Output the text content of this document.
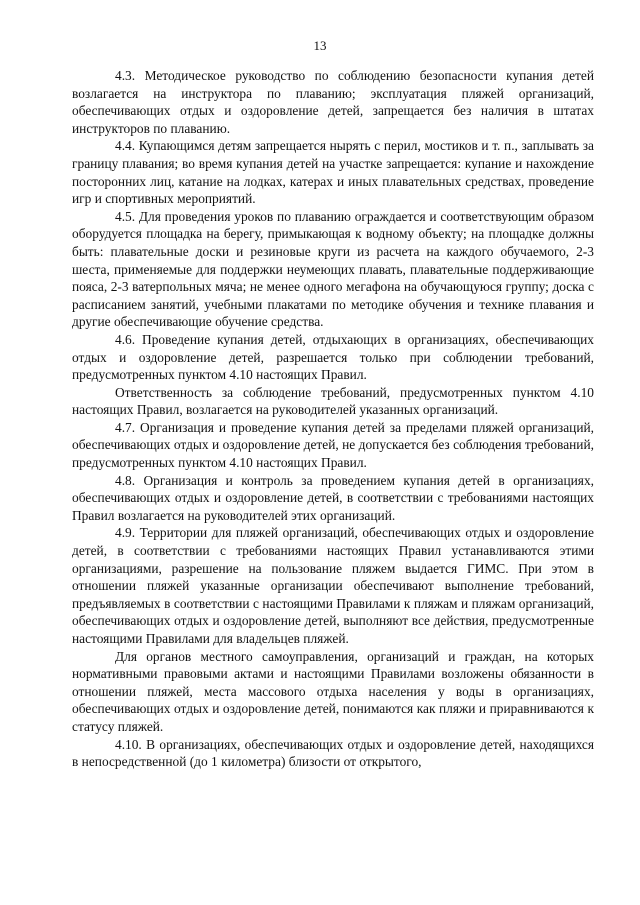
13

4.3. Методическое руководство по соблюдению безопасности купания детей возлагается на инструктора по плаванию; эксплуатация пляжей организаций, обеспечивающих отдых и оздоровление детей, запрещается без наличия в штатах инструкторов по плаванию.

4.4. Купающимся детям запрещается нырять с перил, мостиков и т. п., заплывать за границу плавания; во время купания детей на участке запрещается: купание и нахождение посторонних лиц, катание на лодках, катерах и иных плавательных средствах, проведение игр и спортивных мероприятий.

4.5. Для проведения уроков по плаванию ограждается и соответствующим образом оборудуется площадка на берегу, примыкающая к водному объекту; на площадке должны быть: плавательные доски и резиновые круги из расчета на каждого обучаемого, 2-3 шеста, применяемые для поддержки неумеющих плавать, плавательные поддерживающие пояса, 2-3 ватерпольных мяча; не менее одного мегафона на обучающуюся группу; доска с расписанием занятий, учебными плакатами по методике обучения и технике плавания и другие обеспечивающие обучение средства.

4.6. Проведение купания детей, отдыхающих в организациях, обеспечивающих отдых и оздоровление детей, разрешается только при соблюдении требований, предусмотренных пунктом 4.10 настоящих Правил.

Ответственность за соблюдение требований, предусмотренных пунктом 4.10 настоящих Правил, возлагается на руководителей указанных организаций.

4.7. Организация и проведение купания детей за пределами пляжей организаций, обеспечивающих отдых и оздоровление детей, не допускается без соблюдения требований, предусмотренных пунктом 4.10 настоящих Правил.

4.8. Организация и контроль за проведением купания детей в организациях, обеспечивающих отдых и оздоровление детей, в соответствии с требованиями настоящих Правил возлагается на руководителей этих организаций.

4.9. Территории для пляжей организаций, обеспечивающих отдых и оздоровление детей, в соответствии с требованиями настоящих Правил устанавливаются этими организациями, разрешение на пользование пляжем выдается ГИМС. При этом в отношении пляжей указанные организации обеспечивают выполнение требований, предъявляемых в соответствии с настоящими Правилами к пляжам и пляжам организаций, обеспечивающих отдых и оздоровление детей, выполняют все действия, предусмотренные настоящими Правилами для владельцев пляжей.

Для органов местного самоуправления, организаций и граждан, на которых нормативными правовыми актами и настоящими Правилами возложены обязанности в отношении пляжей, места массового отдыха населения у воды в организациях, обеспечивающих отдых и оздоровление детей, понимаются как пляжи и приравниваются к статусу пляжей.

4.10. В организациях, обеспечивающих отдых и оздоровление детей, находящихся в непосредственной (до 1 километра) близости от открытого,
